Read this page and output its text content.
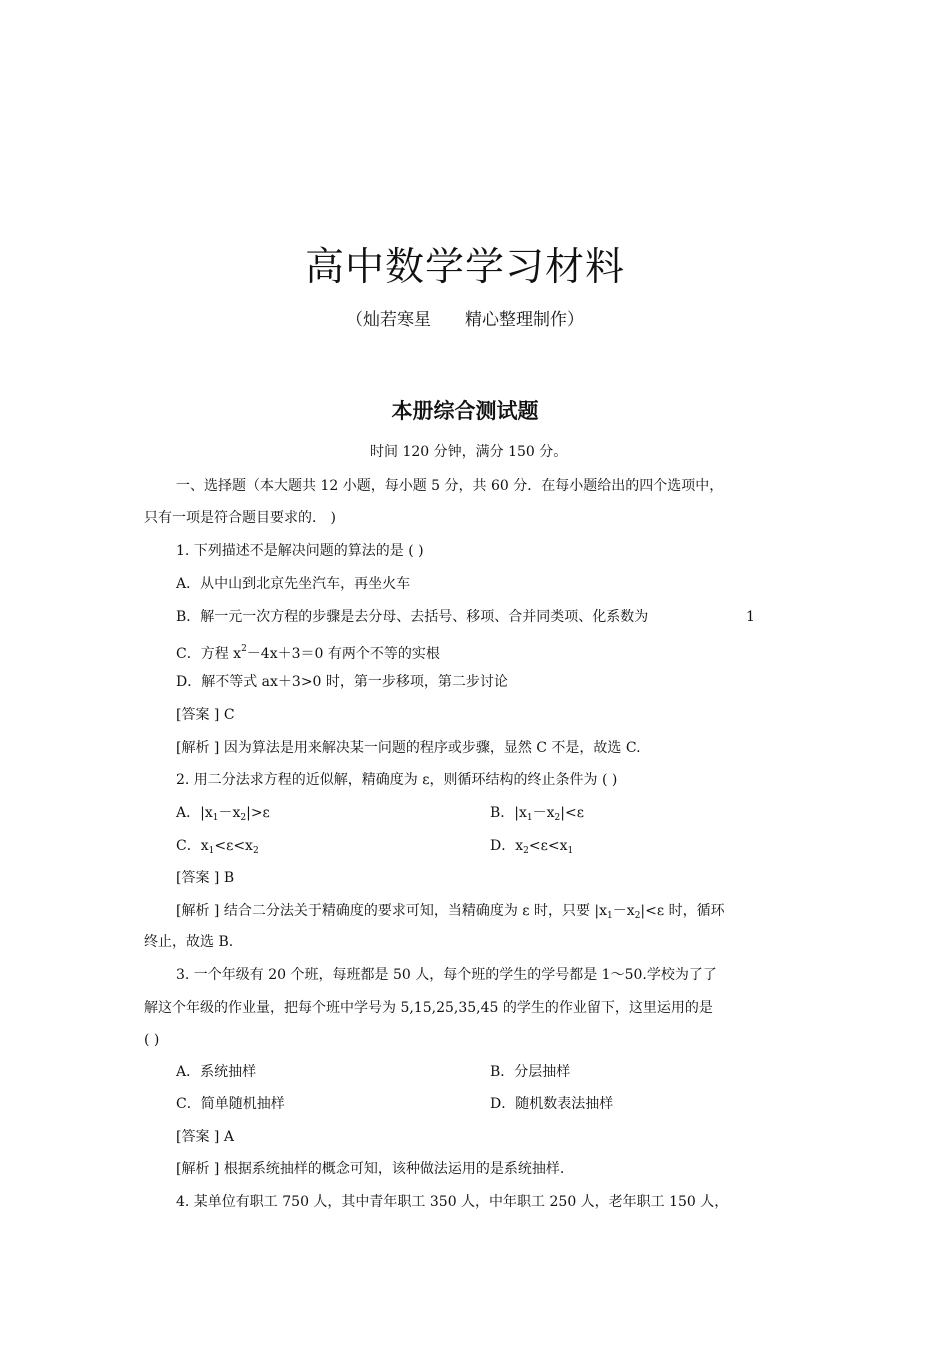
高中数学学习材料
（灿若寒星　　精心整理制作）
本册综合测试题
时间 120 分钟，满分 150 分。
一、选择题（本大题共 12 小题，每小题 5 分，共 60 分．在每小题给出的四个选项中，
只有一项是符合题目要求的． )
1. 下列描述不是解决问题的算法的是 ( )
A．从中山到北京先坐汽车，再坐火车
B．解一元一次方程的步骤是去分母、去括号、移项、合并同类项、化系数为	1
C．方程 $x^2-4x+3=0$ 有两个不等的实根
D．解不等式 ax＋3>0 时，第一步移项，第二步讨论
[答案 ] C
[解析 ] 因为算法是用来解决某一问题的程序或步骤，显然 C 不是，故选 C.
2. 用二分法求方程的近似解，精确度为 ε，则循环结构的终止条件为 ( )
A．$|x_1-x_2|>\varepsilon$	B．$|x_1-x_2|<\varepsilon$
C．$x_1<\varepsilon<x_2$	D．$x_2<\varepsilon<x_1$
[答案 ] B
[解析 ] 结合二分法关于精确度的要求可知，当精确度为 ε 时，只要 $|x_1-x_2|<\varepsilon$ 时，循环
终止，故选 B.
3. 一个年级有 20 个班，每班都是 50 人，每个班的学生的学号都是 1～50.学校为了了
解这个年级的作业量，把每个班中学号为 5,15,25,35,45 的学生的作业留下，这里运用的是
( )
A．系统抽样	B．分层抽样
C．简单随机抽样	D．随机数表法抽样
[答案 ] A
[解析 ] 根据系统抽样的概念可知，该种做法运用的是系统抽样.
4. 某单位有职工 750 人，其中青年职工 350 人，中年职工 250 人，老年职工 150 人，
